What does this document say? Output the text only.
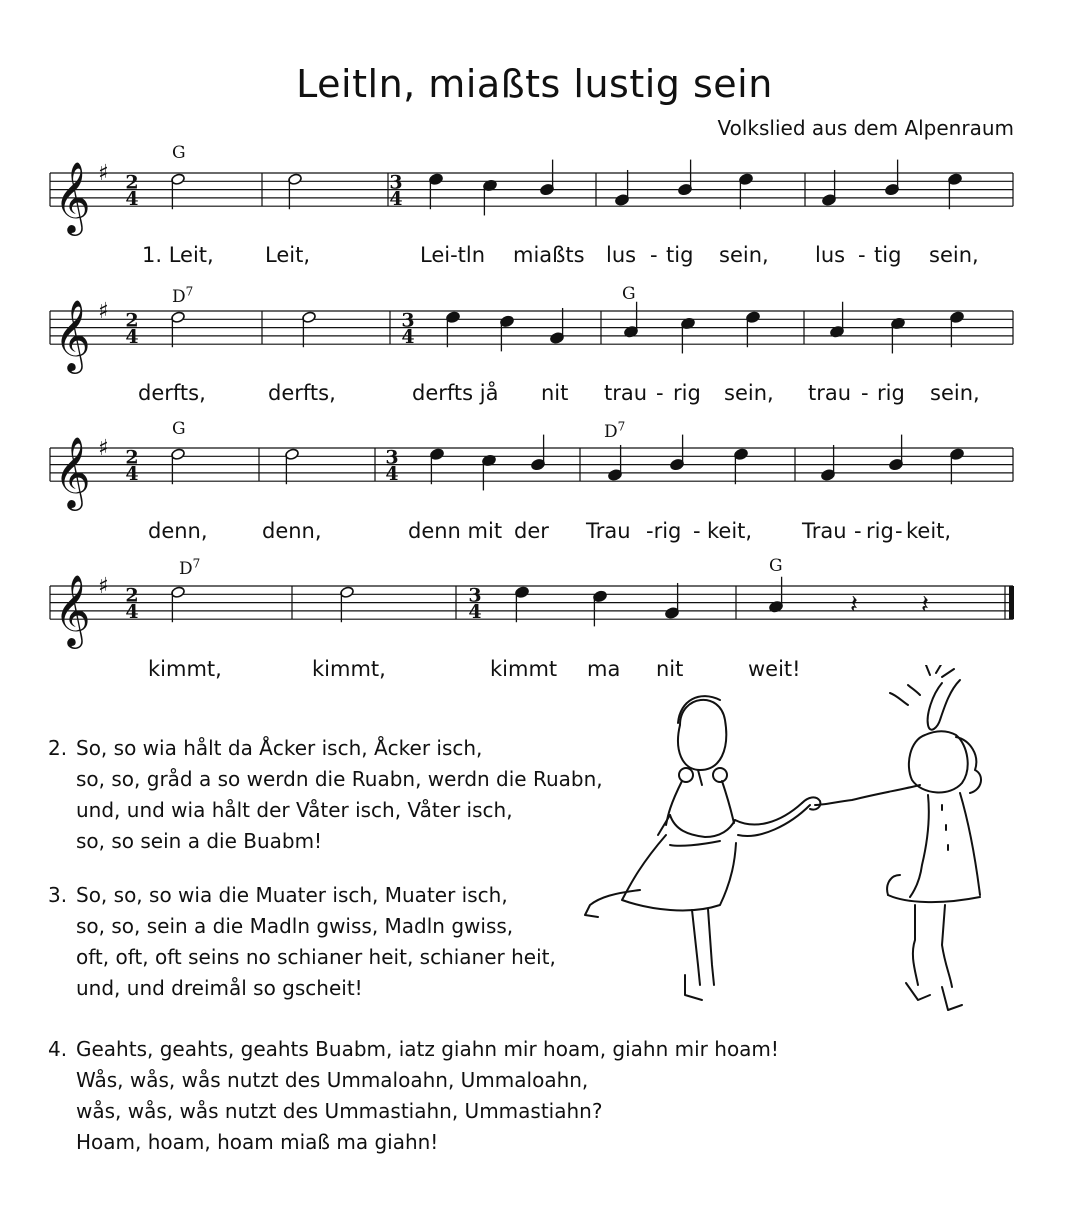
Leitln, miaßts lustig sein
Volkslied aus dem Alpenraum
𝄞 ♯ 2
4
3
4
𝄞 ♯ 2
4
3
4
𝄞 ♯ 2
4
3
4
𝄞 ♯ 2
4
3
4	𝄽 𝄽
G
$D^7$	G
G	$D^7$
$D^7$	G
1. Leit, Leit,	Lei-tln miaßts lus - tig sein, lus - tig sein,
derfts,	derfts,	derfts jå nit trau - rig sein, trau - rig sein,
denn,	denn,	denn mit der Trau -rig - keit, Trau - rig - keit,
kimmt,	kimmt,	kimmt ma nit	weit!
2. So, so wia hålt da Åcker isch, Åcker isch,
so, so, gråd a so werdn die Ruabn, werdn die Ruabn,
und, und wia hålt der Våter isch, Våter isch,
so, so sein a die Buabm!
3. So, so, so wia die Muater isch, Muater isch,
so, so, sein a die Madln gwiss, Madln gwiss,
oft, oft, oft seins no schianer heit, schianer heit,
und, und dreimål so gscheit!
4. Geahts, geahts, geahts Buabm, iatz giahn mir hoam, giahn mir hoam!
Wås, wås, wås nutzt des Ummaloahn, Ummaloahn,
wås, wås, wås nutzt des Ummastiahn, Ummastiahn?
Hoam, hoam, hoam miaß ma giahn!
